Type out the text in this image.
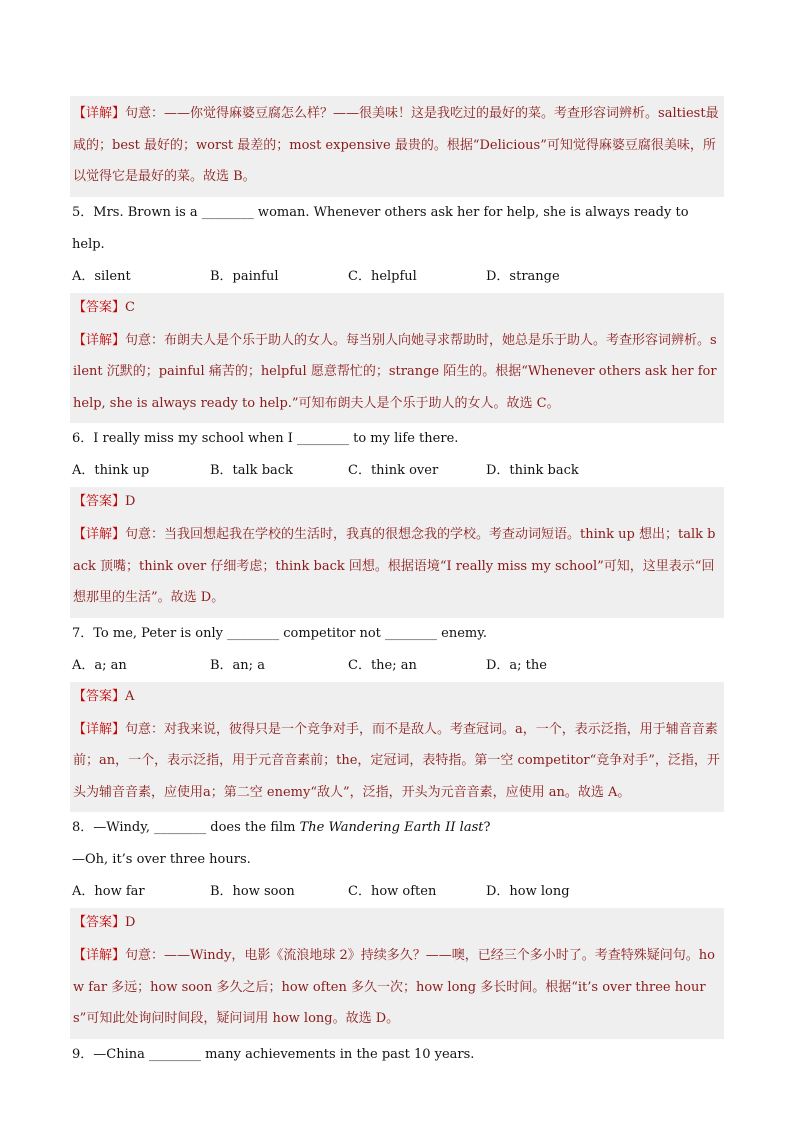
【详解】句意：——你觉得麻婆豆腐怎么样？——很美味！这是我吃过的最好的菜。考查形容词辨析。saltiest最咸的；best 最好的；worst 最差的；most expensive 最贵的。根据“Delicious”可知觉得麻婆豆腐很美味，所以觉得它是最好的菜。故选 B。
5．Mrs. Brown is a ________ woman. Whenever others ask her for help, she is always ready to help.
A．silent	B．painful	C．helpful	D．strange
【答案】C
【详解】句意：布朗夫人是个乐于助人的女人。每当别人向她寻求帮助时，她总是乐于助人。考查形容词辨析。silent 沉默的；painful 痛苦的；helpful 愿意帮忙的；strange 陌生的。根据“Whenever others ask her for help, she is always ready to help.”可知布朗夫人是个乐于助人的女人。故选 C。
6．I really miss my school when I ________ to my life there.
A．think up	B．talk back	C．think over	D．think back
【答案】D
【详解】句意：当我回想起我在学校的生活时，我真的很想念我的学校。考查动词短语。think up 想出；talk back 顶嘴；think over 仔细考虑；think back 回想。根据语境“I really miss my school”可知，这里表示“回想那里的生活”。故选 D。
7．To me, Peter is only ________ competitor not ________ enemy.
A．a; an	B．an; a	C．the; an	D．a; the
【答案】A
【详解】句意：对我来说，彼得只是一个竞争对手，而不是敌人。考查冠词。a，一个，表示泛指，用于辅音音素前；an，一个，表示泛指，用于元音音素前；the，定冠词，表特指。第一空 competitor“竞争对手”，泛指，开头为辅音音素，应使用a；第二空 enemy“敌人”，泛指，开头为元音音素，应使用 an。故选 A。
8．—Windy, ________ does the film The Wandering Earth II last?
—Oh, it’s over three hours.
A．how far	B．how soon	C．how often	D．how long
【答案】D
【详解】句意：——Windy，电影《流浪地球 2》持续多久？——噢，已经三个多小时了。考查特殊疑问句。how far 多远；how soon 多久之后；how often 多久一次；how long 多长时间。根据“it’s over three hours”可知此处询问时间段，疑问词用 how long。故选 D。
9．—China ________ many achievements in the past 10 years.
